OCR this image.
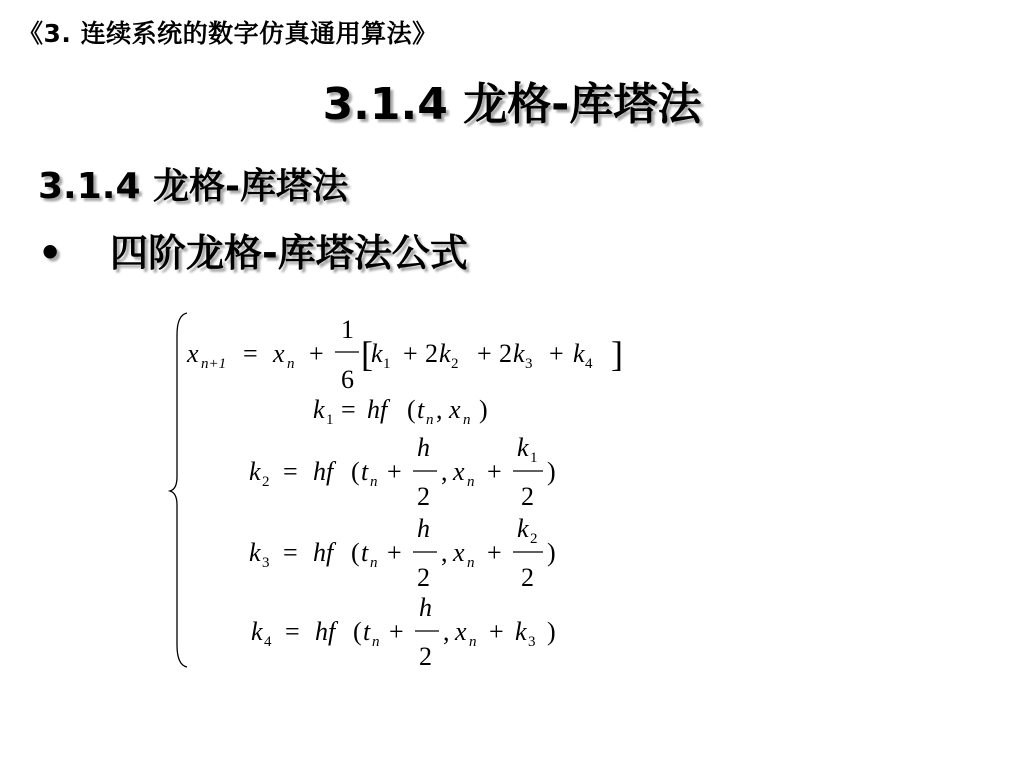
《3. 连续系统的数字仿真通用算法》
3.1.4 龙格-库塔法
3.1.4 龙格-库塔法
• 四阶龙格-库塔法公式
x n+1 = x n +
1
6
[
k 1 + 2 k 2 + 2 k 3 + k 4 ]
k 1 = hf ( t n , x n )
k 2 = hf ( t n +
h
2
, x n +
k 1
2
)
k 3 = hf ( t n +
h
2
, x n +
k 2
2
)
k 4 = hf ( t n +
h
2
, x n + k 3 )
